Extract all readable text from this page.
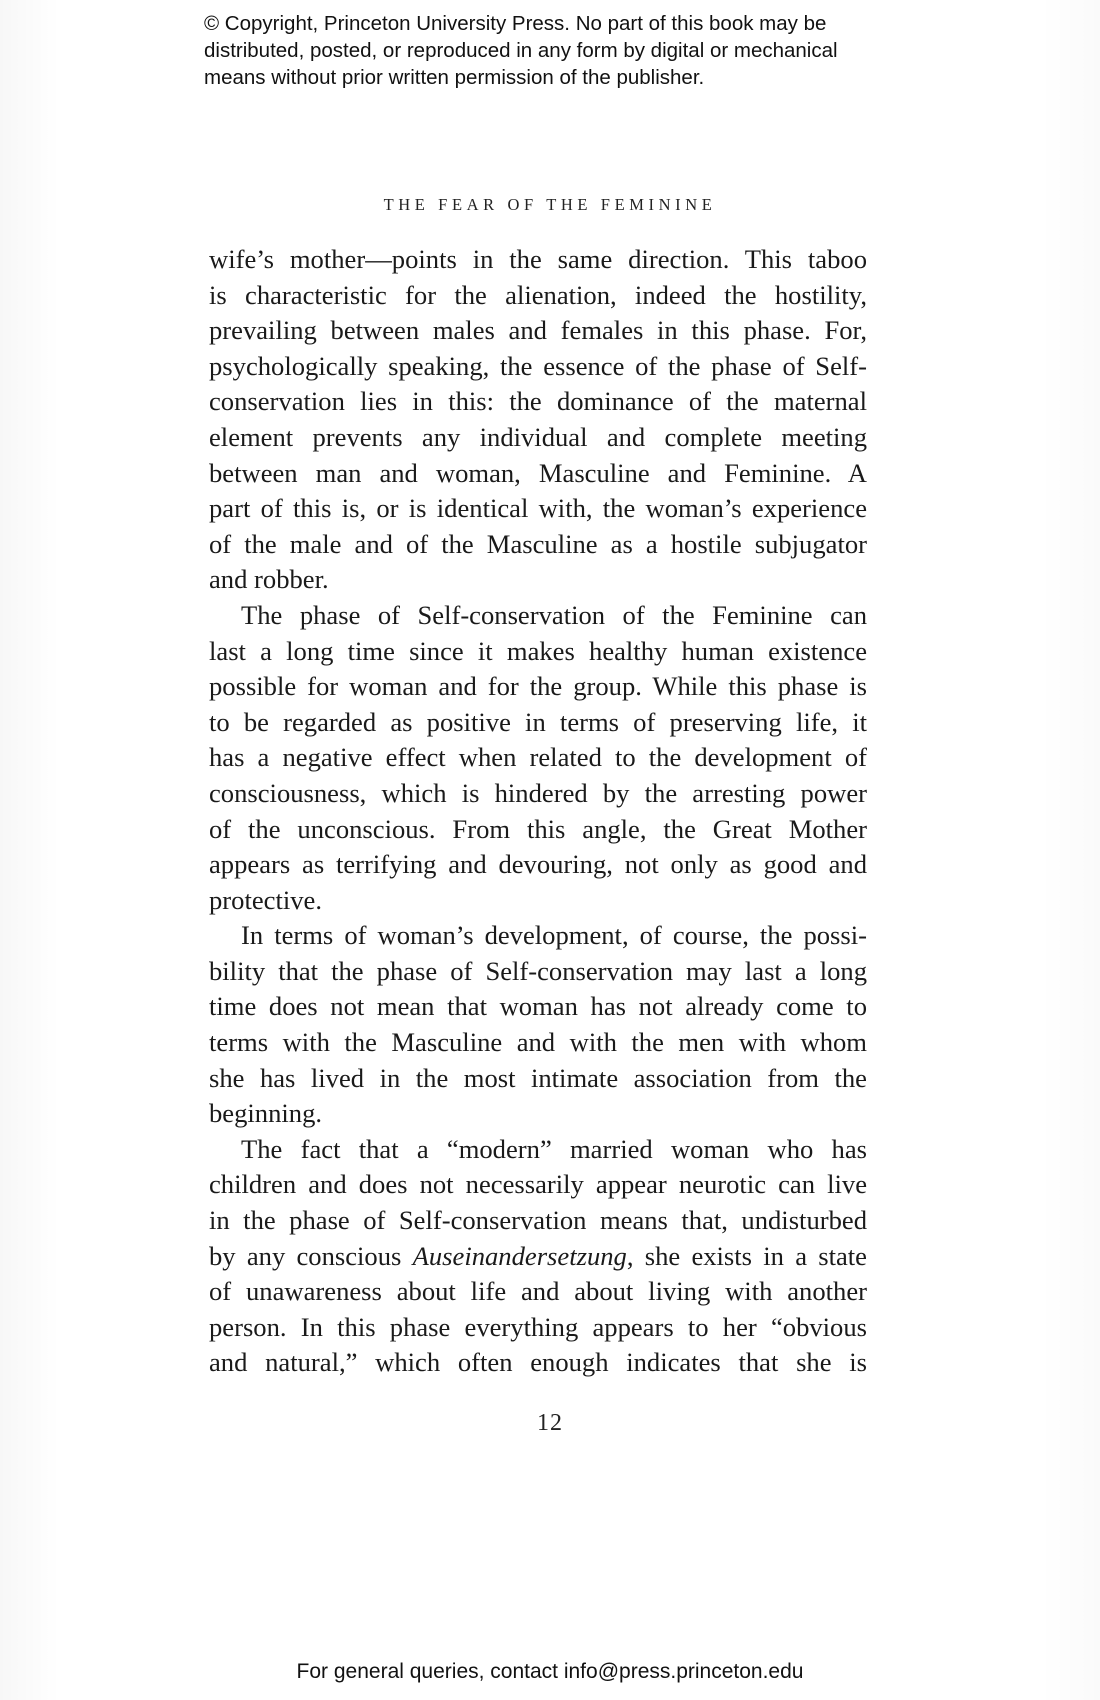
© Copyright, Princeton University Press. No part of this book may be
distributed, posted, or reproduced in any form by digital or mechanical
means without prior written permission of the publisher.
THE FEAR OF THE FEMININE
wife’s mother—points in the same direction. This taboo
is characteristic for the alienation, indeed the hostility,
prevailing between males and females in this phase. For,
psychologically speaking, the essence of the phase of Self-
conservation lies in this: the dominance of the maternal
element prevents any individual and complete meeting
between man and woman, Masculine and Feminine. A
part of this is, or is identical with, the woman’s experience
of the male and of the Masculine as a hostile subjugator
and robber.
The phase of Self-conservation of the Feminine can
last a long time since it makes healthy human existence
possible for woman and for the group. While this phase is
to be regarded as positive in terms of preserving life, it
has a negative effect when related to the development of
consciousness, which is hindered by the arresting power
of the unconscious. From this angle, the Great Mother
appears as terrifying and devouring, not only as good and
protective.
In terms of woman’s development, of course, the possi-
bility that the phase of Self-conservation may last a long
time does not mean that woman has not already come to
terms with the Masculine and with the men with whom
she has lived in the most intimate association from the
beginning.
The fact that a “modern” married woman who has
children and does not necessarily appear neurotic can live
in the phase of Self-conservation means that, undisturbed
by any conscious Auseinandersetzung, she exists in a state
of unawareness about life and about living with another
person. In this phase everything appears to her “obvious
and natural,” which often enough indicates that she is
12
For general queries, contact info@press.princeton.edu
